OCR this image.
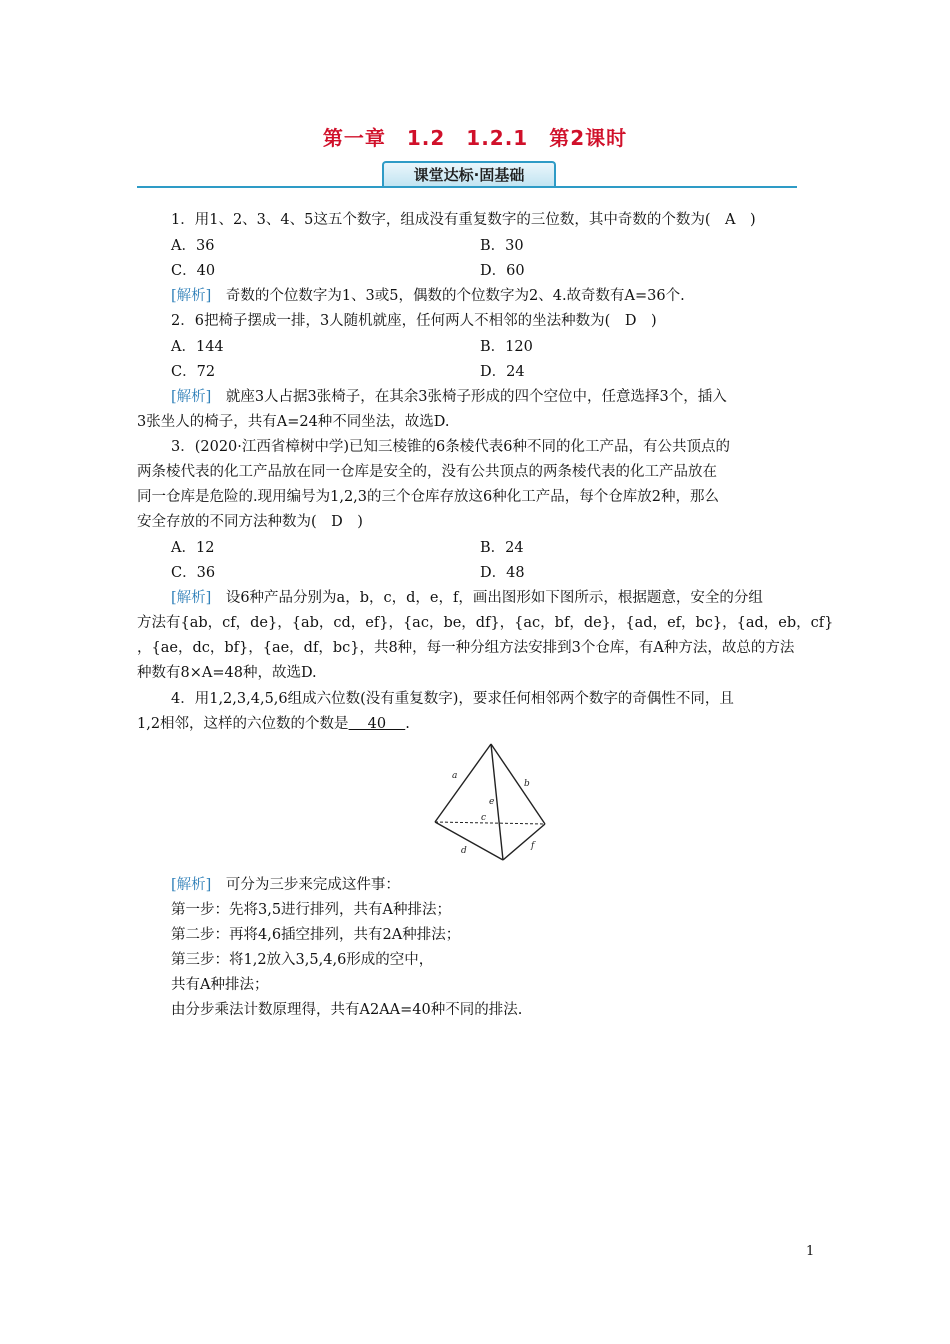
第一章　1.2　1.2.1　第2课时
课堂达标·固基础
1．用1、2、3、4、5这五个数字，组成没有重复数字的三位数，其中奇数的个数为(　A　)
A．36	B．30
C．40	D．60
[解析]　奇数的个位数字为1、3或5，偶数的个位数字为2、4.故奇数有A=36个.
2．6把椅子摆成一排，3人随机就座，任何两人不相邻的坐法种数为(　D　)
A．144	B．120
C．72	D．24
[解析]　就座3人占据3张椅子，在其余3张椅子形成的四个空位中，任意选择3个，插入
3张坐人的椅子，共有A=24种不同坐法，故选D.
3．(2020·江西省樟树中学)已知三棱锥的6条棱代表6种不同的化工产品，有公共顶点的
两条棱代表的化工产品放在同一仓库是安全的，没有公共顶点的两条棱代表的化工产品放在
同一仓库是危险的.现用编号为1,2,3的三个仓库存放这6种化工产品，每个仓库放2种，那么
安全存放的不同方法种数为(　D　)
A．12	B．24
C．36	D．48
[解析]　设6种产品分别为a，b，c，d，e，f，画出图形如下图所示，根据题意，安全的分组
方法有{ab，cf，de}，{ab，cd，ef}，{ac，be，df}，{ac，bf，de}，{ad，ef，bc}，{ad，eb，cf}
，{ae，dc，bf}，{ae，df，bc}，共8种，每一种分组方法安排到3个仓库，有A种方法，故总的方法
种数有8×A=48种，故选D.
4．用1,2,3,4,5,6组成六位数(没有重复数字)，要求任何相邻两个数字的奇偶性不同，且
1,2相邻，这样的六位数的个数是　 40　 .
a
b
e
c
d	f
[解析]　可分为三步来完成这件事：
第一步：先将3,5进行排列，共有A种排法；
第二步：再将4,6插空排列，共有2A种排法；
第三步：将1,2放入3,5,4,6形成的空中，
共有A种排法；
由分步乘法计数原理得，共有A2AA=40种不同的排法.
1
